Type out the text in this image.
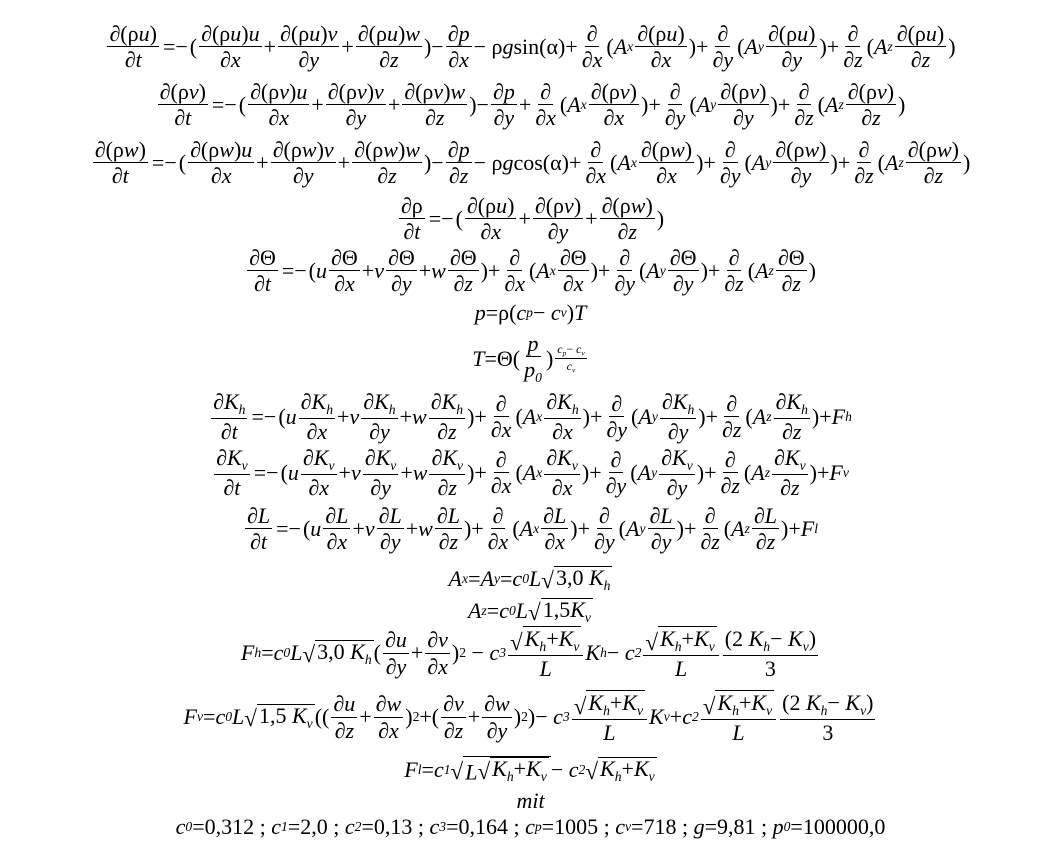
$\frac{\partial(\rho u)}{\partial t}$ =− ( $\frac{\partial(\rho u)u}{\partial x} + \frac{\partial(\rho u)v}{\partial y} + \frac{\partial(\rho u)w}{\partial z}$ )− $\frac{\partial p}{\partial x} - \rho$ g $\sin(\alpha)+ \frac{\partial}{\partial x}$ ( A x $\frac{\partial(\rho u)}{\partial x}$ )+ $\frac{\partial}{\partial y}$ ( A y $\frac{\partial(\rho u)}{\partial y}$ )+ $\frac{\partial}{\partial z}$ ( A z $\frac{\partial(\rho u)}{\partial z}$ )
$\frac{\partial(\rho v)}{\partial t}$ =− ( $\frac{\partial(\rho v)u}{\partial x} + \frac{\partial(\rho v)v}{\partial y} + \frac{\partial(\rho v)w}{\partial z}$ )− $\frac{\partial p}{\partial y} + \frac{\partial}{\partial x}$ ( A x $\frac{\partial(\rho v)}{\partial x}$ )+ $\frac{\partial}{\partial y}$ ( A y $\frac{\partial(\rho v)}{\partial y}$ )+ $\frac{\partial}{\partial z}$ ( A z $\frac{\partial(\rho v)}{\partial z}$ )
$\frac{\partial(\rho w)}{\partial t}$ =− ( $\frac{\partial(\rho w)u}{\partial x} + \frac{\partial(\rho w)v}{\partial y} + \frac{\partial(\rho w)w}{\partial z}$ )− $\frac{\partial p}{\partial z} - \rho$ g $\cos(\alpha)+ \frac{\partial}{\partial x}$ ( A x $\frac{\partial(\rho w)}{\partial x}$ )+ $\frac{\partial}{\partial y}$ ( A y $\frac{\partial(\rho w)}{\partial y}$ )+ $\frac{\partial}{\partial z}$ ( A z $\frac{\partial(\rho w)}{\partial z}$ )
$\frac{\partial\rho}{\partial t}$ =− ( $\frac{\partial(\rho u)}{\partial x} + \frac{\partial(\rho v)}{\partial y} + \frac{\partial(\rho w)}{\partial z}$ )
$\frac{\partial\Theta}{\partial t}$ =− ( u $\frac{\partial\Theta}{\partial x} + v \frac{\partial\Theta}{\partial y} + w \frac{\partial\Theta}{\partial z}$ )+ $\frac{\partial}{\partial x}$ ( A x $\frac{\partial\Theta}{\partial x}$ )+ $\frac{\partial}{\partial y}$ ( A y $\frac{\partial\Theta}{\partial y}$ )+ $\frac{\partial}{\partial z}$ ( A z $\frac{\partial\Theta}{\partial z}$ )
p =ρ( c p − c v ) T
$T =\Theta( \frac{p}{p_0}$ ) $\frac{c_p- c_v}{c_v}$
$\frac{\partial K_h}{\partial t}$ =− ( u $\frac{\partial K_h}{\partial x} + v \frac{\partial K_h}{\partial y} + w \frac{\partial K_h}{\partial z}$ )+ $\frac{\partial}{\partial x}$ ( A x $\frac{\partial K_h}{\partial x}$ )+ $\frac{\partial}{\partial y}$ ( A y $\frac{\partial K_h}{\partial y}$ )+ $\frac{\partial}{\partial z}$ ( A z $\frac{\partial K_h}{\partial z}$ )+ F h
$\frac{\partial K_v}{\partial t}$ =− ( u $\frac{\partial K_v}{\partial x} + v \frac{\partial K_v}{\partial y} + w \frac{\partial K_v}{\partial z}$ )+ $\frac{\partial}{\partial x}$ ( A x $\frac{\partial K_v}{\partial x}$ )+ $\frac{\partial}{\partial y}$ ( A y $\frac{\partial K_v}{\partial y}$ )+ $\frac{\partial}{\partial z}$ ( A z $\frac{\partial K_v}{\partial z}$ )+ F v
$\frac{\partial L}{\partial t}$ =− ( u $\frac{\partial L}{\partial x} + v \frac{\partial L}{\partial y} + w \frac{\partial L}{\partial z}$ )+ $\frac{\partial}{\partial x}$ ( A x $\frac{\partial L}{\partial x}$ )+ $\frac{\partial}{\partial y}$ ( A y $\frac{\partial L}{\partial y}$ )+ $\frac{\partial}{\partial z}$ ( A z $\frac{\partial L}{\partial z}$ )+ F l
A x = A y = c 0 L √ 3,0 $K_h$
A z = c 0 L √ $1,5K_v$
F h = c 0 L √ 3,0 $K_h$ ( $\frac{\partial u}{\partial y} + \frac{\partial v}{\partial x}$ ) 2 − c $3 \frac{√ K_h+K_v}{L}$ K h − c $2 \frac{√ K_h+K_v}{L} \frac{(2 K_h- K_v)}{3}$
F v = c 0 L √ 1,5 $K_v$ (( $\frac{\partial u}{\partial z} + \frac{\partial w}{\partial x}$ ) 2 +( $\frac{\partial v}{\partial z} + \frac{\partial w}{\partial y}$ ) 2 )− c $3 \frac{√ K_h+K_v}{L}$ K v + c $2 \frac{√ K_h+K_v}{L} \frac{(2 K_h- K_v)}{3}$
F l = c 1 √ L √ $K_h+K_v - c$ 2 √ $K_h+K_v$
mit
c 0 =0,312 ; c 1 =2,0 ; c 2 =0,13 ; c 3 =0,164 ; c p =1005 ; c v =718 ; g =9,81 ; p 0 =100000,0
